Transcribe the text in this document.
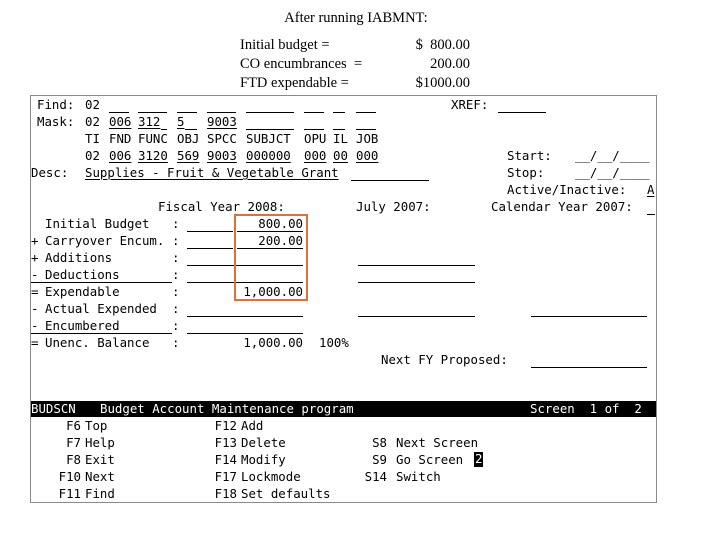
After running IABMNT:
Initial budget =	$  800.00
CO encumbrances  =	200.00
FTD expendable =	$1000.00
Find: 02	XREF:
Mask: 02 006 312 5 9003
TI FND FUNC OBJ SPCC SUBJCT OPU IL JOB
02 006 3120 569 9003 000000 000 00 000	Start: __/__/____
Desc: Supplies - Fruit & Vegetable Grant	Stop: __/__/____
Active/Inactive: A
Fiscal Year 2008:	July 2007:	Calendar Year 2007:

Initial Budget :	800.00
+ Carryover Encum. :	200.00
+ Additions	:
- Deductions	:
= Expendable	:	1,000.00
- Actual Expended :
- Encumbered	:
= Unenc. Balance :	1,000.00 100%
Next FY Proposed:
BUDSCN Budget Account Maintenance program	Screen  1 of  2
F6 Top
F7 Help
F8 Exit
F10 Next
F11 Find
F12 Add
F13 Delete
F14 Modify
F17 Lockmode
F18 Set defaults
S8 Next Screen
S9 Go Screen 2
S14 Switch
